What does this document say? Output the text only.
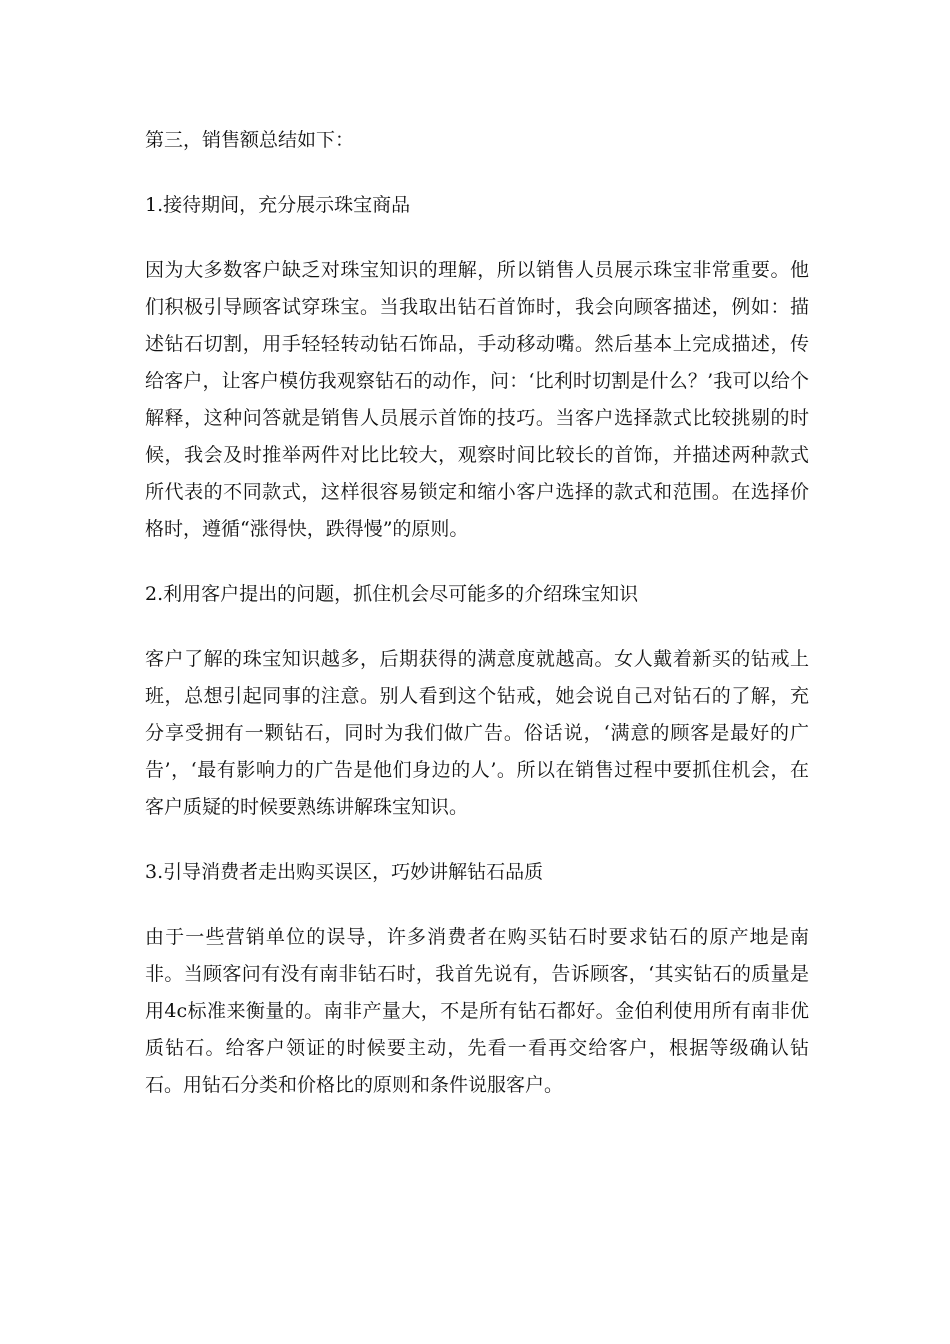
第三，销售额总结如下：

1.接待期间，充分展示珠宝商品

因为大多数客户缺乏对珠宝知识的理解，所以销售人员展示珠宝非常重要。他们积极引导顾客试穿珠宝。当我取出钻石首饰时，我会向顾客描述，例如：描述钻石切割，用手轻轻转动钻石饰品，手动移动嘴。然后基本上完成描述，传给客户，让客户模仿我观察钻石的动作，问：‘比利时切割是什么？’我可以给个解释，这种问答就是销售人员展示首饰的技巧。当客户选择款式比较挑剔的时候，我会及时推举两件对比比较大，观察时间比较长的首饰，并描述两种款式所代表的不同款式，这样很容易锁定和缩小客户选择的款式和范围。在选择价格时，遵循“涨得快，跌得慢”的原则。

2.利用客户提出的问题，抓住机会尽可能多的介绍珠宝知识

客户了解的珠宝知识越多，后期获得的满意度就越高。女人戴着新买的钻戒上班，总想引起同事的注意。别人看到这个钻戒，她会说自己对钻石的了解，充分享受拥有一颗钻石，同时为我们做广告。俗话说，‘满意的顾客是最好的广告’，‘最有影响力的广告是他们身边的人’。所以在销售过程中要抓住机会，在客户质疑的时候要熟练讲解珠宝知识。

3.引导消费者走出购买误区，巧妙讲解钻石品质

由于一些营销单位的误导，许多消费者在购买钻石时要求钻石的原产地是南非。当顾客问有没有南非钻石时，我首先说有，告诉顾客，‘其实钻石的质量是用4c标准来衡量的。南非产量大，不是所有钻石都好。金伯利使用所有南非优质钻石。给客户领证的时候要主动，先看一看再交给客户，根据等级确认钻石。用钻石分类和价格比的原则和条件说服客户。
